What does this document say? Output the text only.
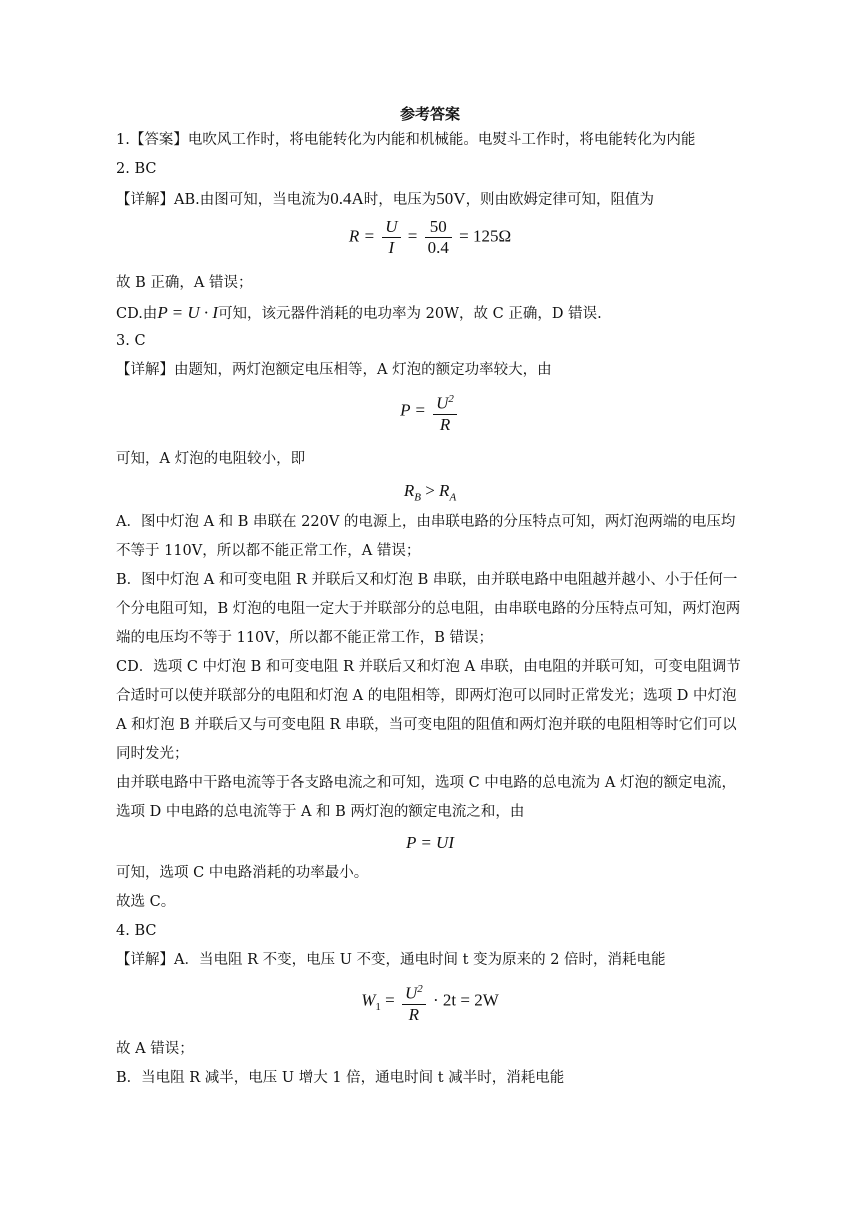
参考答案
1.【答案】电吹风工作时，将电能转化为内能和机械能。电熨斗工作时，将电能转化为内能
2. BC
【详解】AB.由图可知，当电流为0.4A时，电压为50V，则由欧姆定律可知，阻值为
$R = \frac{U}{I} = \frac{50}{0.4} = 125\Omega$
故 B 正确，A 错误；
CD.由P = U · I可知，该元器件消耗的电功率为 20W，故 C 正确，D 错误.
3. C
【详解】由题知，两灯泡额定电压相等，A 灯泡的额定功率较大，由
$P = \frac{U^2}{R}$
可知，A 灯泡的电阻较小，即
$R_B > R_A$
A．图中灯泡 A 和 B 串联在 220V 的电源上，由串联电路的分压特点可知，两灯泡两端的电压均不等于 110V，所以都不能正常工作，A 错误；
B．图中灯泡 A 和可变电阻 R 并联后又和灯泡 B 串联，由并联电路中电阻越并越小、小于任何一个分电阻可知，B 灯泡的电阻一定大于并联部分的总电阻，由串联电路的分压特点可知，两灯泡两端的电压均不等于 110V，所以都不能正常工作，B 错误；
CD．选项 C 中灯泡 B 和可变电阻 R 并联后又和灯泡 A 串联，由电阻的并联可知，可变电阻调节合适时可以使并联部分的电阻和灯泡 A 的电阻相等，即两灯泡可以同时正常发光；选项 D 中灯泡 A 和灯泡 B 并联后又与可变电阻 R 串联，当可变电阻的阻值和两灯泡并联的电阻相等时它们可以同时发光；
由并联电路中干路电流等于各支路电流之和可知，选项 C 中电路的总电流为 A 灯泡的额定电流，选项 D 中电路的总电流等于 A 和 B 两灯泡的额定电流之和，由
P = UI
可知，选项 C 中电路消耗的功率最小。
故选 C。
4. BC
【详解】A．当电阻 R 不变，电压 U 不变，通电时间 t 变为原来的 2 倍时，消耗电能
$W_1 = \frac{U^2}{R} \cdot 2t = 2W$
故 A 错误；
B．当电阻 R 减半，电压 U 增大 1 倍，通电时间 t 减半时，消耗电能
